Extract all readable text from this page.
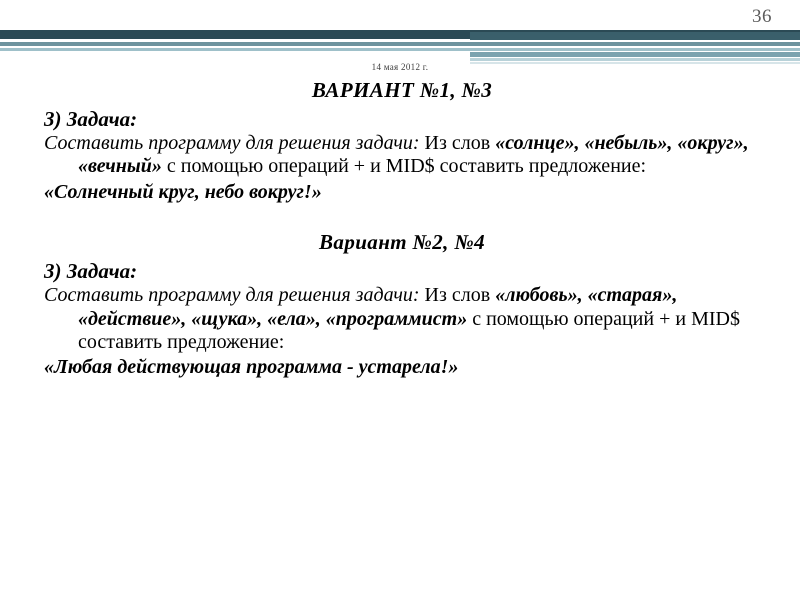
36
14 мая 2012 г.
ВАРИАНТ №1, №3
3) Задача:

Составить программу для решения задачи: Из слов «солнце», «небыль», «округ», «вечный» с помощью операций + и MID$ составить предложение:

«Солнечный круг, небо вокруг!»

Вариант №2, №4
3) Задача:

Составить программу для решения задачи: Из слов «любовь», «старая», «действие», «щука», «ела», «программист» с помощью операций + и MID$ составить предложение:

«Любая действующая программа - устарела!»
